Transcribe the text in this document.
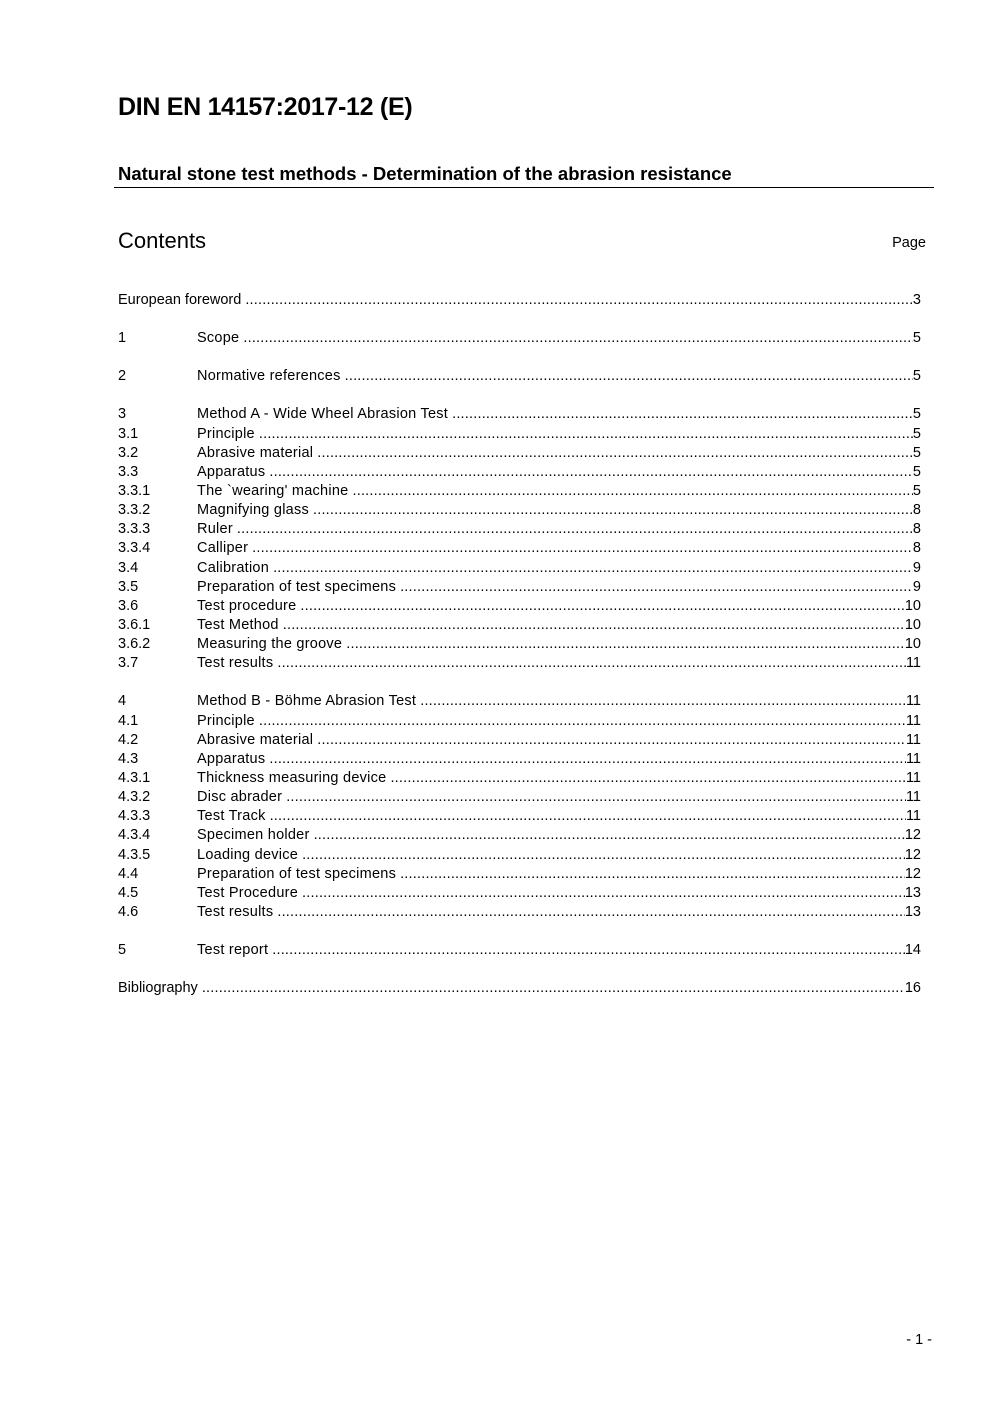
DIN EN 14157:2017-12 (E)
Natural stone test methods - Determination of the abrasion resistance
Contents	Page
European foreword .....	3
1	Scope .....	5
2	Normative references .....	5
3	Method A - Wide Wheel Abrasion Test .....	5
3.1	Principle .....	5
3.2	Abrasive material .....	5
3.3	Apparatus .....	5
3.3.1	The `wearing' machine .....	5
3.3.2	Magnifying glass .....	8
3.3.3	Ruler .....	8
3.3.4	Calliper .....	8
3.4	Calibration .....	9
3.5	Preparation of test specimens .....	9
3.6	Test procedure .....	10
3.6.1	Test Method .....	10
3.6.2	Measuring the groove .....	10
3.7	Test results .....	11
4	Method B - Böhme Abrasion Test .....	11
4.1	Principle .....	11
4.2	Abrasive material .....	11
4.3	Apparatus .....	11
4.3.1	Thickness measuring device .....	11
4.3.2	Disc abrader .....	11
4.3.3	Test Track .....	11
4.3.4	Specimen holder .....	12
4.3.5	Loading device .....	12
4.4	Preparation of test specimens .....	12
4.5	Test Procedure .....	13
4.6	Test results .....	13
5	Test report .....	14
Bibliography .....	16
- 1 -
